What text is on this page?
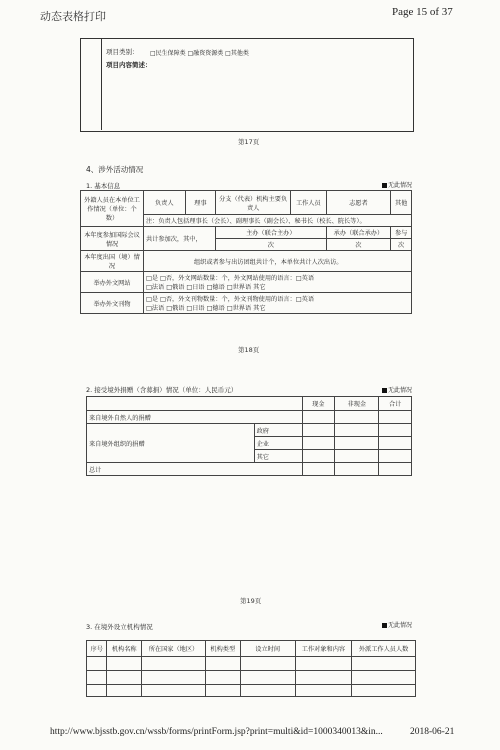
动态表格打印	Page 15 of 37
项目类别： □民生保障类 □融资资源类 □其他类
项目内容简述：
第17页
4、涉外活动情况
1. 基本信息	无此情况
外籍人员在本单位工作情况（单位：个数）	负责人	理事	分支（代表）机构主要负责人	工作人员	志愿者	其他
	注：负责人包括理事长（会长）、副理事长（副会长）、秘书长（校长、院长等）。					
本年度参加国际会议情况	共计参加次，其中，		主办（联合主办）		承办（联合承办）	参与
			次		次	次
本年度出国（境）情况	组织或者参与出访团组共计个，本单位共计人次出访。					
举办外文网站	□是 □否，外文网站数量：个，外文网站使用的语言：□英语
□法语 □俄语 □日语 □德语 □世界语 其它					

举办外文刊物	□是 □否，外文刊物数量：个，外文刊物使用的语言：□英语
□法语 □俄语 □日语 □德语 □世界语 其它					
第18页
2. 接受境外捐赠（含募捐）情况（单位：人民币元）	无此情况
		现金	非现金	合计
来自境外自然人的捐赠				
来自境外组织的捐赠	政府			
	企业			
	其它			
总计				
第19页
3. 在境外设立机构情况	无此情况
序号	机构名称	所在国家（地区）	机构类型	设立时间	工作对象和内容	外派工作人员人数

http://www.bjsstb.gov.cn/wssb/forms/printForm.jsp?print=multi&id=1000340013&in...	2018-06-21
